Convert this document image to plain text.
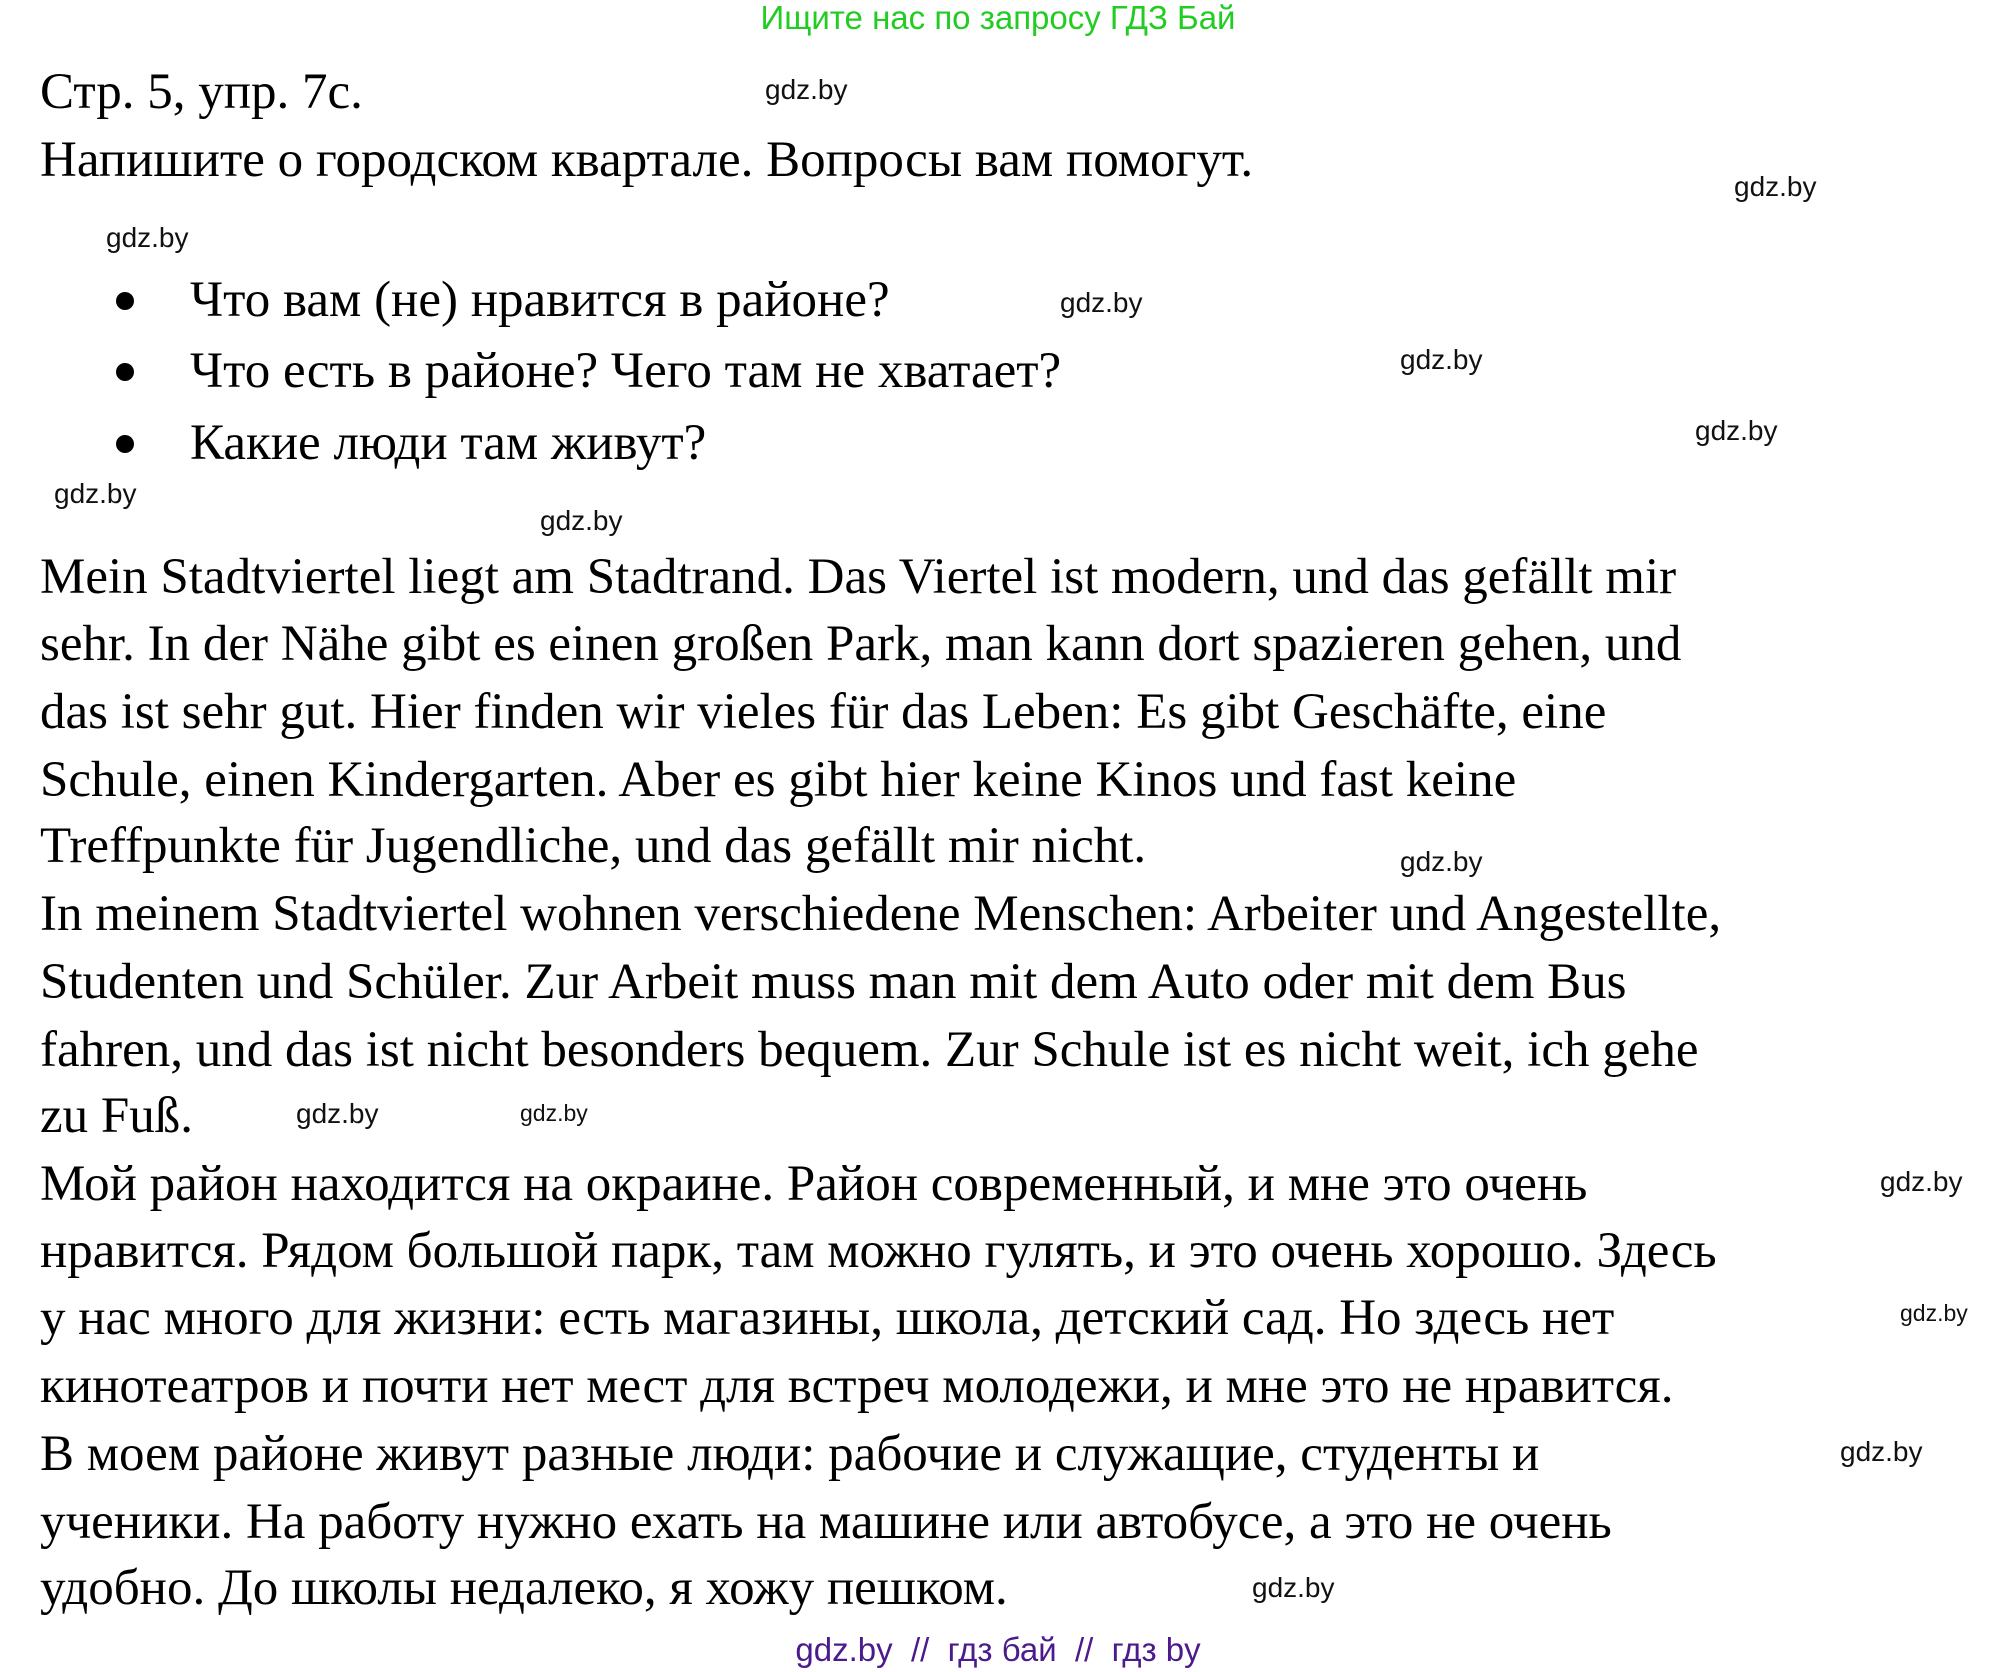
Ищите нас по запросу ГДЗ Бай
Стр. 5, упр. 7с.
Напишите о городском квартале. Вопросы вам помогут.
Что вам (не) нравится в районе?
Что есть в районе? Чего там не хватает?
Какие люди там живут?
Mein Stadtviertel liegt am Stadtrand. Das Viertel ist modern, und das gefällt mir
sehr. In der Nähe gibt es einen großen Park, man kann dort spazieren gehen, und
das ist sehr gut. Hier finden wir vieles für das Leben: Es gibt Geschäfte, eine
Schule, einen Kindergarten. Aber es gibt hier keine Kinos und fast keine
Treffpunkte für Jugendliche, und das gefällt mir nicht.
In meinem Stadtviertel wohnen verschiedene Menschen: Arbeiter und Angestellte,
Studenten und Schüler. Zur Arbeit muss man mit dem Auto oder mit dem Bus
fahren, und das ist nicht besonders bequem. Zur Schule ist es nicht weit, ich gehe
zu Fuß.
Мой район находится на окраине. Район современный, и мне это очень
нравится. Рядом большой парк, там можно гулять, и это очень хорошо. Здесь
у нас много для жизни: есть магазины, школа, детский сад. Но здесь нет
кинотеатров и почти нет мест для встреч молодежи, и мне это не нравится.
В моем районе живут разные люди: рабочие и служащие, студенты и
ученики. На работу нужно ехать на машине или автобусе, а это не очень
удобно. До школы недалеко, я хожу пешком.
gdz.by
gdz.by
gdz.by
gdz.by
gdz.by
gdz.by
gdz.by
gdz.by
gdz.by
gdz.by
gdz.by
gdz.by
gdz.by
gdz.by
gdz.by
gdz.by  //  гдз бай  //  гдз by
